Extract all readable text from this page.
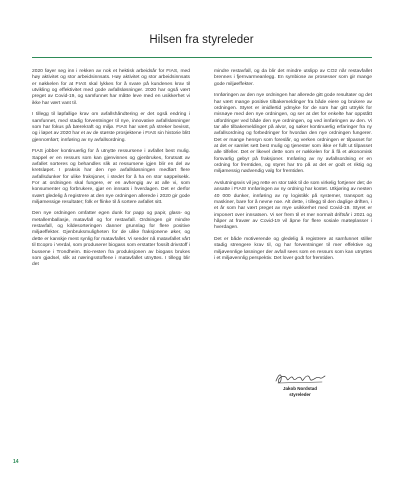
Hilsen fra styreleder

2020 føyer seg inn i rekken av nok et hektisk arbeidsår for FIAS, med høy aktivitet og stor arbeidsinnsats. Høy aktivitet og stor arbeidsinnsats er nøkkelen for at FIAS skal lykkes for å svare på kundenes krav til utvikling og effektivitet med gode avfallsløsninger. 2020 har også vært preget av Covid-19, og samfunnet har måtte leve med en usikkerhet vi ikke har vært vant til.

I tillegg til løpfallige krav om avfallshåndtering er det også endring i samfunnet, med stadig forventninger til nye, innovative avfallsløsninger som har fokus på bærekraft og miljø. FIAS har vært på streker bevisst, og i løpet av 2020 har et av de største prosjektene i FIAS sin historie blitt gjennomført; innføring av ny avfallsordning.

FIAS jobber kontinuerlig for å utnytte ressursene i avfallet best mulig. Sappel er en ressurs som kan gjenvinnes og gjenbrukes, forutsatt av avfallet sorteres og behandles slik at ressursene igjen blir en del av kretsløpet. I praksis har den nye avfallsløsningen medført flere avfallsdunker for ulike fraksjoner, i stedet for å ha en stor søppelsekk. For at ordningen skal fungere, er en avhengig av at alle vi, som konsumenter og forbrukere, gjør en innsats i hverdagen. Det er derfor svært gledelig å registrere at den nye ordningen allerede i 2020 gir gode miljømessige resultater; folk er flinke til å sortere avfallet sitt.

Den nye ordningen omfatter egen dunk for papp og papir, glass- og metallemballasje, matavfall og for restavfall. Ordningen gir mindre restavfall, og kildesorteringen danner grunnlag for flere positive miljøeffekter. Gjenbruksmuligheten for de ulike fraksjonene øker, og dette er kanskje mest synlig for matavfallet. Vi sender nå matavfallet vårt til Ecopro i Verdal, som produserer biogass som erstatter fossilt drivstoff i bussene i Trondheim. Bio-resten fra produksjonen av biogass brukes som gjødsel, slik at næringsstoffene i matavfallet utnyttes. I tillegg blir det

mindre restavfall, og da blir det mindre utslipp av CO2 når restavfallet brennes i fjernvarmeanlegg. En symbiose av prosesser som gir mange gode miljøeffekter.

Innføringen av den nye ordningen har allerede gitt gode resultater og det har vært mange positive tilbakemeldinger fra både eiere og brukere av ordningen. Styret er imidlertid ydmyke for de som har gitt uttrykk for misnøye med den nye ordningen, og ser at det for enkelte har oppstått utfordringer ved både den nye ordningen, og ved innføringen av den. Vi tar alle tilbakemeldinger på alvor, og søker kontinuerlig erfaringer fra ny avfallsordning og forbedringer for hvordan den nye ordningen fungerer. Det er mange hensyn som foreslår, og verken ordningen er tilpasset for at det er samlet sett best mulig og tjenester som ikke er fullt ut tilpasset alle tilfeller. Det er likevel dette som er nøkkelen for å få et økonomisk forsvarlig gebyr på fraksjoner. Innføring av ny avfallsordning er en ordning for fremtiden, og styret har tro på at det er godt et riktig og miljømessig nødvendig valg for fremtiden.

Avslutningsvis vil jeg rette en stor takk til de som virkelig fortjener det; de ansatte i FIAS! Innføringen av ny ordning har kostet. Utkjøring av nesten 40 000 dunker, innføring av ny logistikk på systemer, transport og maskiner, bare for å nevne noe. Alt dette, i tillegg til den daglige driften, i et år som har vært preget av mye usikkerhet med Covid-19. Styret er imponert over innsatsen. Vi ser frem til et mer normalt driftsår i 2021 og håper at fravær av Covid-19 vil åpne for flere sosiale møteplasser i hverdagen.

Det er både motiverende og gledelig å registrere at samfunnet stiller stadig strengere krav til, og har forventninger til mer effektive og miljøvennlige løsninger der avfall sees som en ressurs som kan utnyttes i et miljøvennlig perspektiv. Det lover godt for fremtiden.

Jakob Nordstad
styreleder
14
